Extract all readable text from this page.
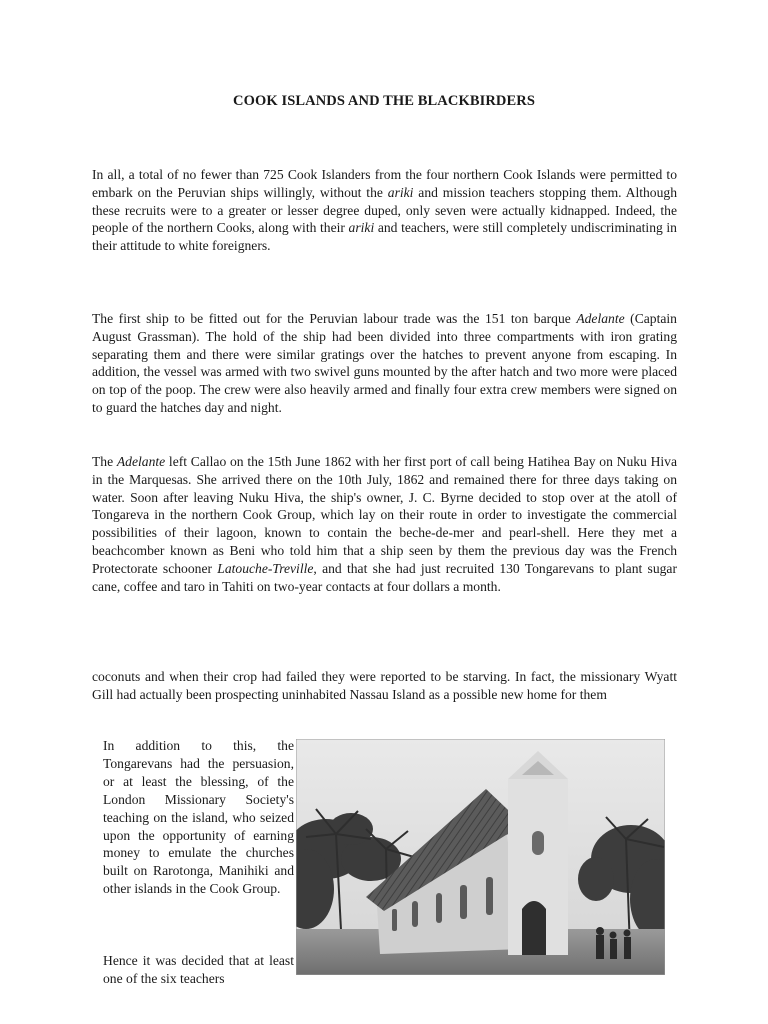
COOK ISLANDS AND THE BLACKBIRDERS

In all, a total of no fewer than 725 Cook Islanders from the four northern Cook Islands were permitted to embark on the Peruvian ships willingly, without the ariki and mission teachers stopping them. Although these recruits were to a greater or lesser degree duped, only seven were actually kidnapped. Indeed, the people of the northern Cooks, along with their ariki and teachers, were still completely undiscriminating in their attitude to white foreigners.

The first ship to be fitted out for the Peruvian labour trade was the 151 ton barque Adelante (Captain August Grassman). The hold of the ship had been divided into three compartments with iron grating separating them and there were similar gratings over the hatches to prevent anyone from escaping. In addition, the vessel was armed with two swivel guns mounted by the after hatch and two more were placed on top of the poop. The crew were also heavily armed and finally four extra crew members were signed on to guard the hatches day and night.

The Adelante left Callao on the 15th June 1862 with her first port of call being Hatihea Bay on Nuku Hiva in the Marquesas. She arrived there on the 10th July, 1862 and remained there for three days taking on water. Soon after leaving Nuku Hiva, the ship's owner, J. C. Byrne decided to stop over at the atoll of Tongareva in the northern Cook Group, which lay on their route in order to investigate the commercial possibilities of their lagoon, known to contain the beche-de-mer and pearl-shell. Here they met a beachcomber known as Beni who told him that a ship seen by them the previous day was the French Protectorate schooner Latouche-Treville, and that she had just recruited 130 Tongarevans to plant sugar cane, coffee and taro in Tahiti on two-year contacts at four dollars a month.

coconuts and when their crop had failed they were reported to be starving. In fact, the missionary Wyatt Gill had actually been prospecting uninhabited Nassau Island as a possible new home for them

In addition to this, the Tongarevans had the persuasion, or at least the blessing, of the London Missionary Society's teaching on the island, who seized upon the opportunity of earning money to emulate the churches built on Rarotonga, Manihiki and other islands in the Cook Group.

Hence it was decided that at least one of the six teachers
